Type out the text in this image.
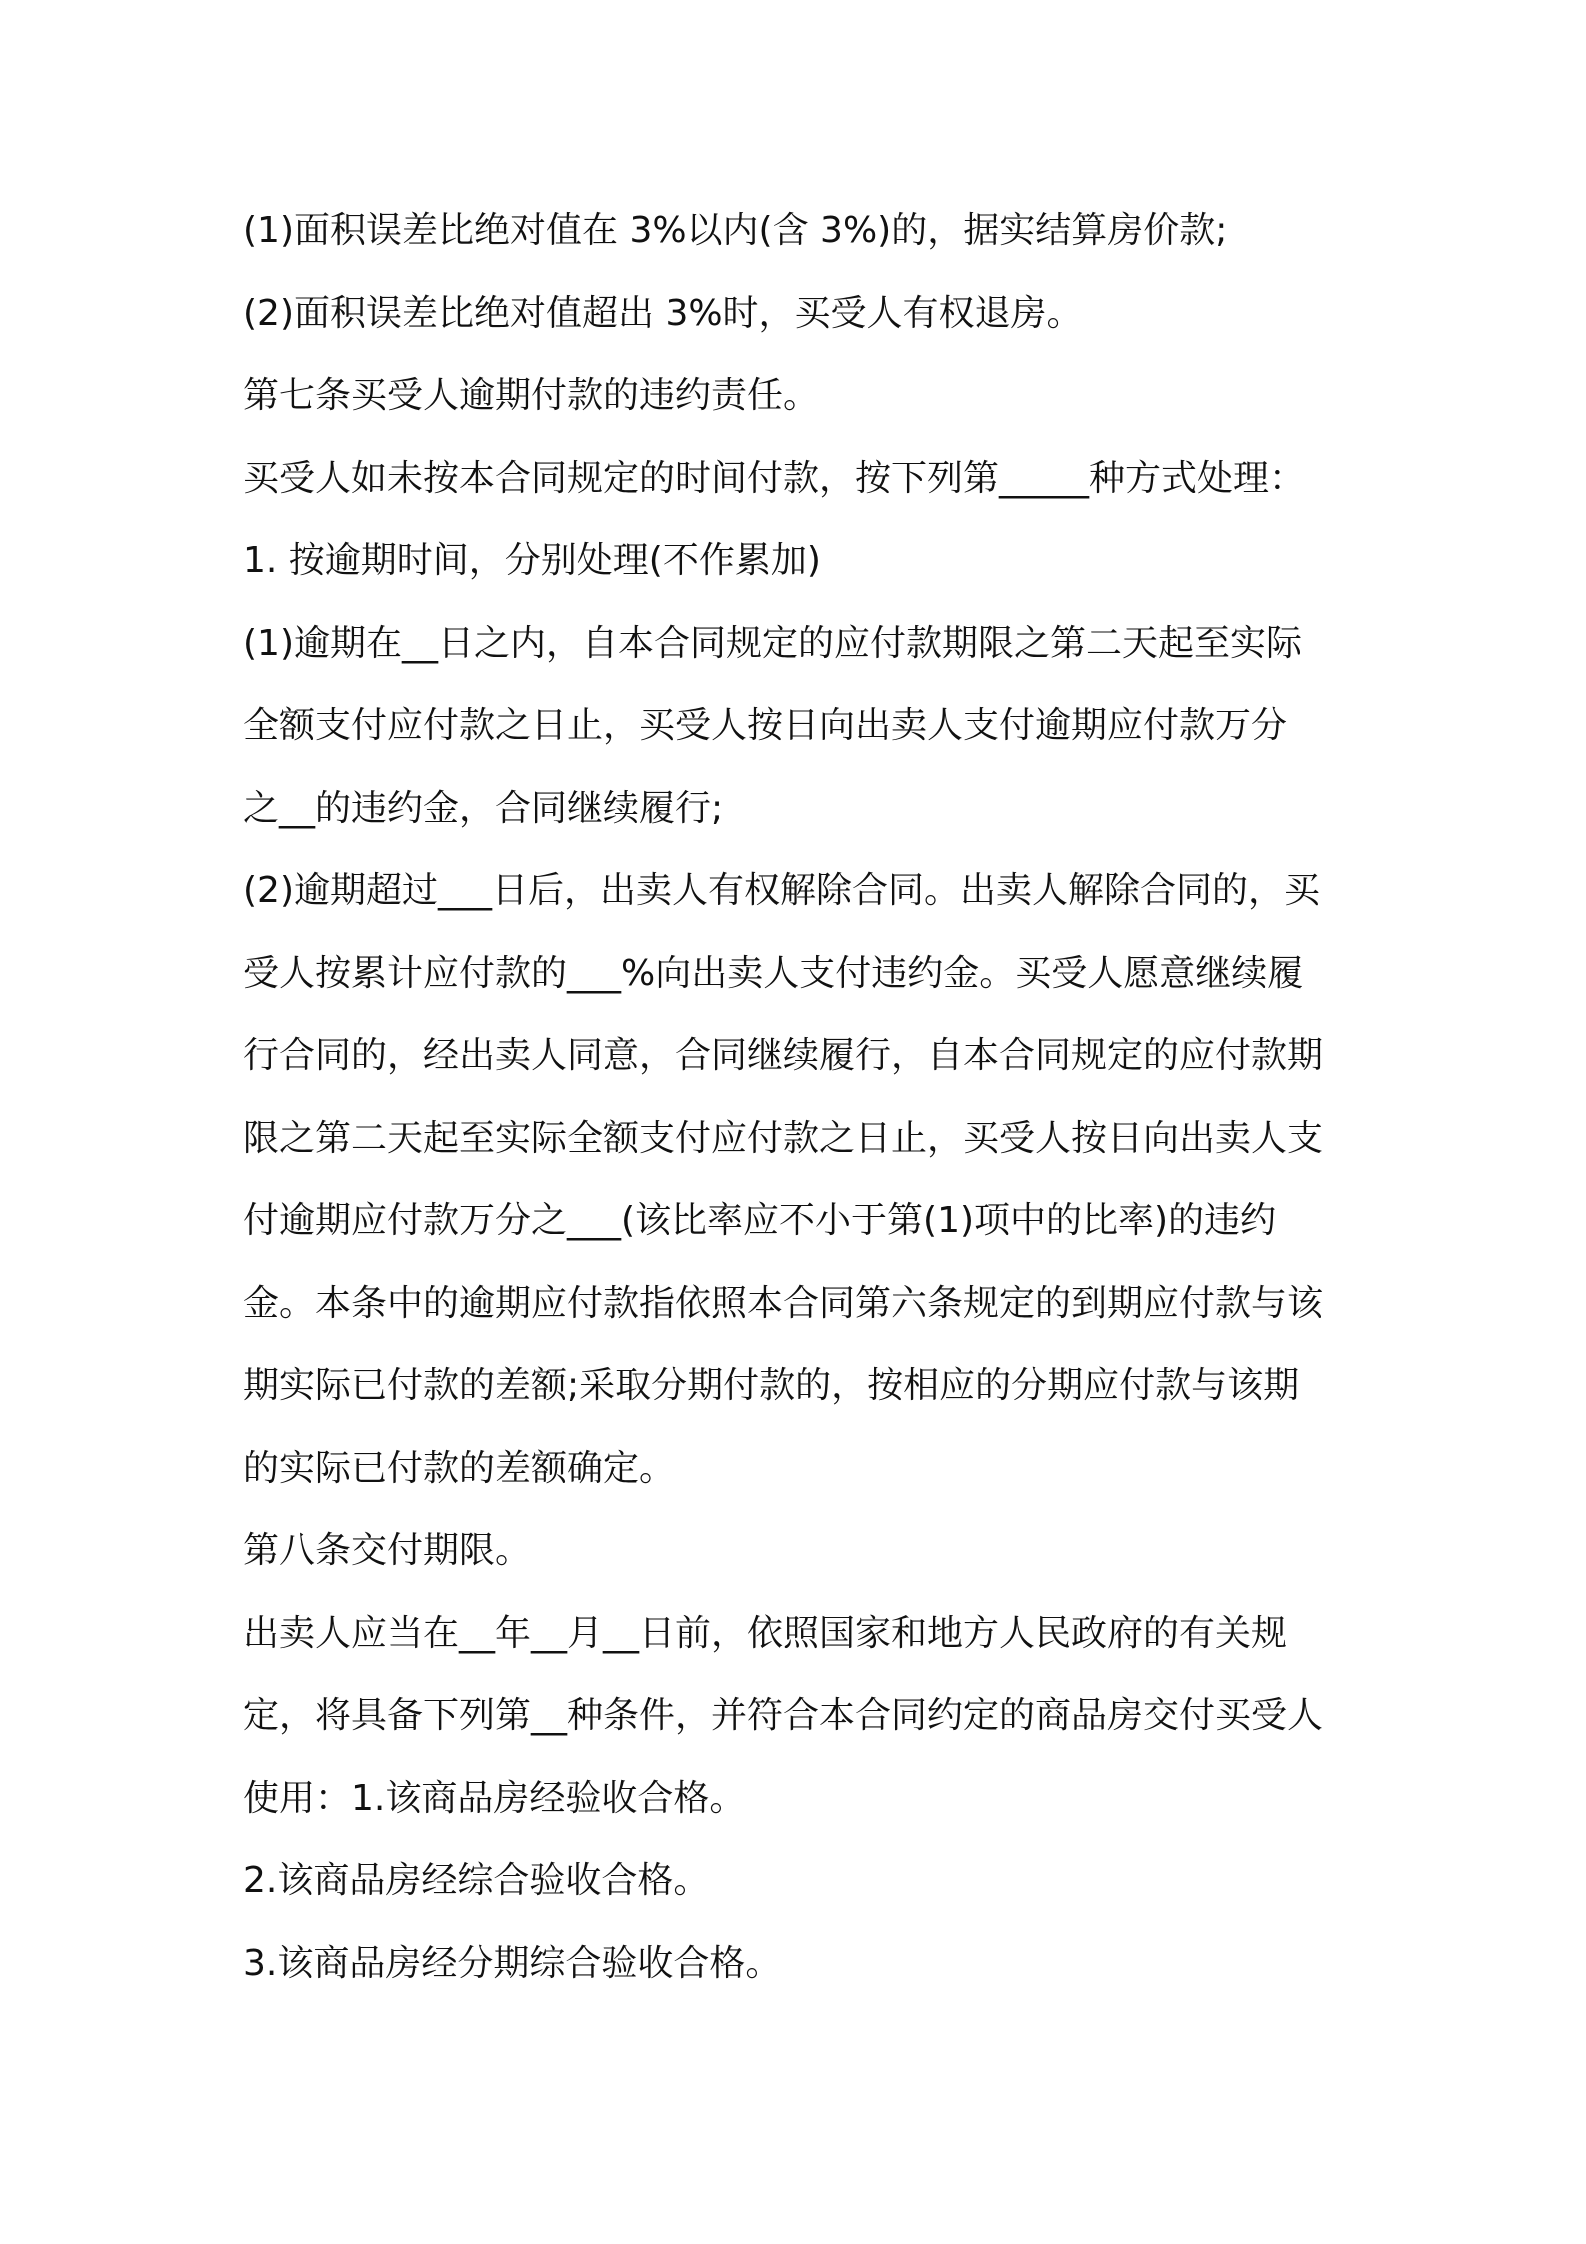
(1)面积误差比绝对值在 3%以内(含 3%)的，据实结算房价款;
(2)面积误差比绝对值超出 3%时，买受人有权退房。
第七条买受人逾期付款的违约责任。
买受人如未按本合同规定的时间付款，按下列第_____种方式处理：
1. 按逾期时间，分别处理(不作累加)
(1)逾期在__日之内，自本合同规定的应付款期限之第二天起至实际
全额支付应付款之日止，买受人按日向出卖人支付逾期应付款万分
之__的违约金，合同继续履行;
(2)逾期超过___日后，出卖人有权解除合同。出卖人解除合同的，买
受人按累计应付款的___%向出卖人支付违约金。买受人愿意继续履
行合同的，经出卖人同意，合同继续履行，自本合同规定的应付款期
限之第二天起至实际全额支付应付款之日止，买受人按日向出卖人支
付逾期应付款万分之___(该比率应不小于第(1)项中的比率)的违约
金。本条中的逾期应付款指依照本合同第六条规定的到期应付款与该
期实际已付款的差额;采取分期付款的，按相应的分期应付款与该期
的实际已付款的差额确定。
第八条交付期限。
出卖人应当在__年__月__日前，依照国家和地方人民政府的有关规
定，将具备下列第__种条件，并符合本合同约定的商品房交付买受人
使用：1.该商品房经验收合格。
2.该商品房经综合验收合格。
3.该商品房经分期综合验收合格。
